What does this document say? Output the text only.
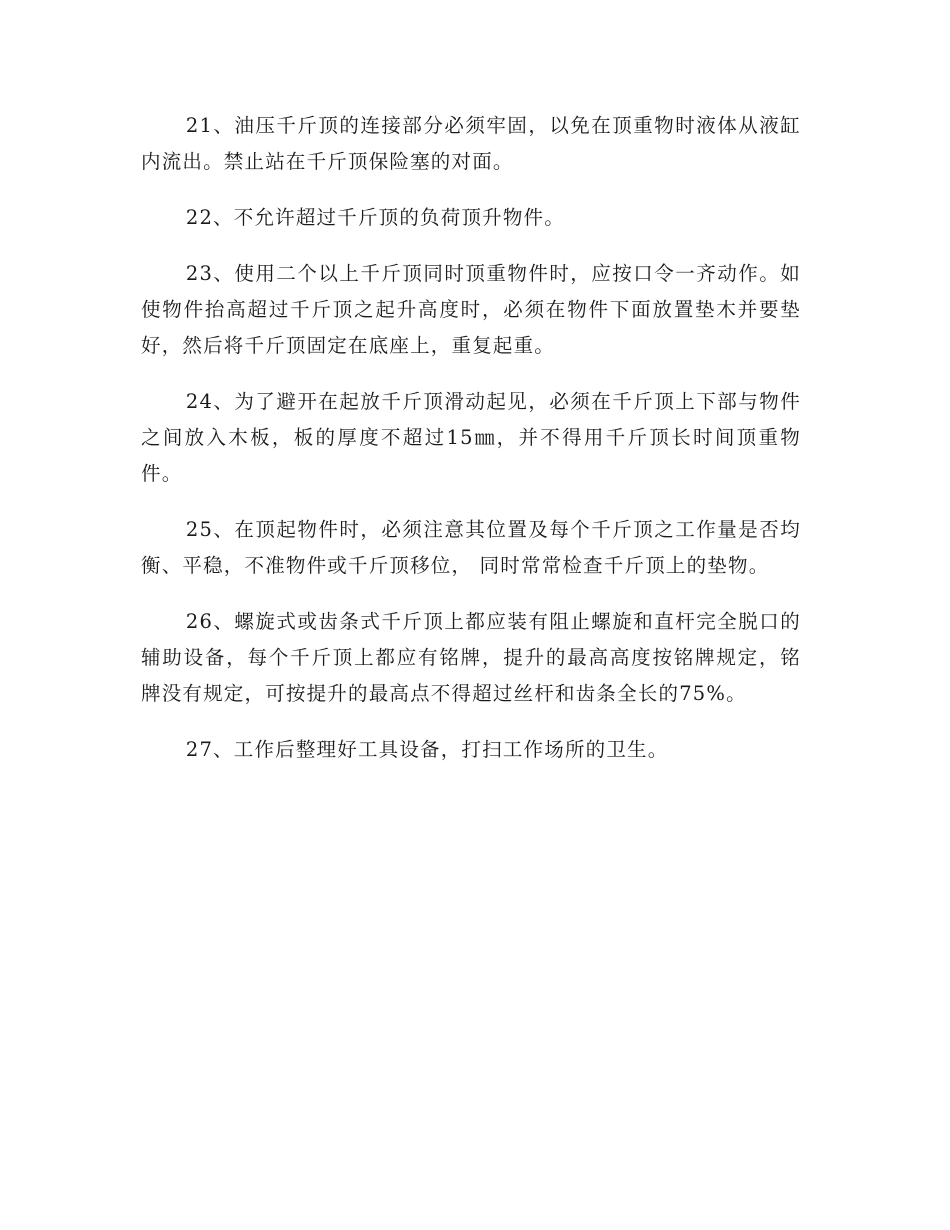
21、油压千斤顶的连接部分必须牢固，以免在顶重物时液体从液缸内流出。禁止站在千斤顶保险塞的对面。

22、不允许超过千斤顶的负荷顶升物件。

23、使用二个以上千斤顶同时顶重物件时，应按口令一齐动作。如使物件抬高超过千斤顶之起升高度时，必须在物件下面放置垫木并要垫好，然后将千斤顶固定在底座上，重复起重。

24、为了避开在起放千斤顶滑动起见，必须在千斤顶上下部与物件之间放入木板，板的厚度不超过15㎜，并不得用千斤顶长时间顶重物件。

25、在顶起物件时，必须注意其位置及每个千斤顶之工作量是否均衡、平稳，不准物件或千斤顶移位， 同时常常检查千斤顶上的垫物。

26、螺旋式或齿条式千斤顶上都应装有阻止螺旋和直杆完全脱口的辅助设备，每个千斤顶上都应有铭牌，提升的最高高度按铭牌规定，铭牌没有规定，可按提升的最高点不得超过丝杆和齿条全长的75%。

27、工作后整理好工具设备，打扫工作场所的卫生。
